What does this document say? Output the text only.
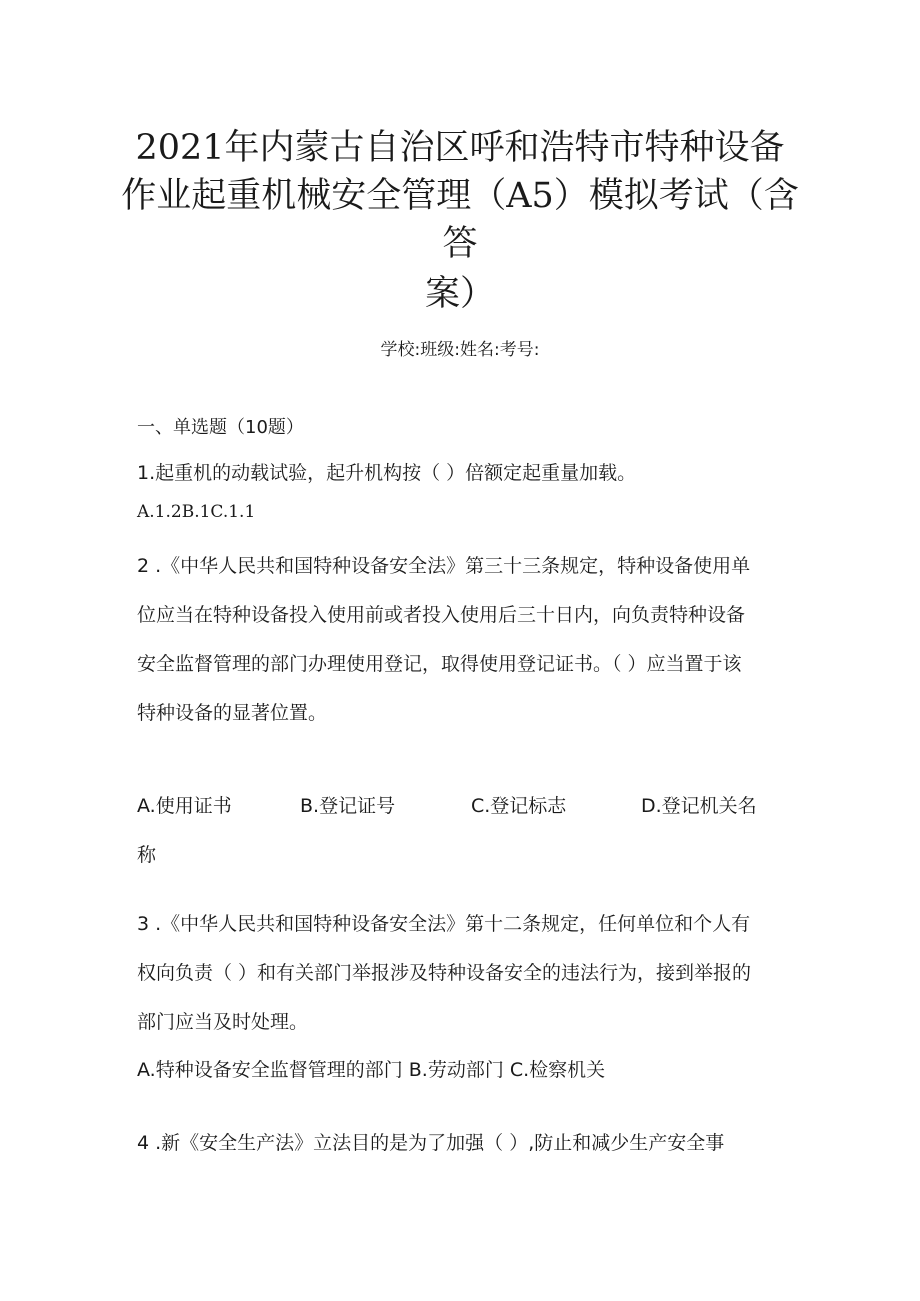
2021年内蒙古自治区呼和浩特市特种设备
作业起重机械安全管理（A5）模拟考试（含
答
案）
学校:班级:姓名:考号:
一、单选题（10题）
1.起重机的动载试验，起升机构按（ ）倍额定起重量加载。
A.1.2B.1C.1.1
2 .《中华人民共和国特种设备安全法》第三十三条规定，特种设备使用单
位应当在特种设备投入使用前或者投入使用后三十日内，向负责特种设备
安全监督管理的部门办理使用登记，取得使用登记证书。（ ）应当置于该
特种设备的显著位置。
A.使用证书	B.登记证号	C.登记标志	D.登记机关名
称
3 .《中华人民共和国特种设备安全法》第十二条规定，任何单位和个人有
权向负责（ ）和有关部门举报涉及特种设备安全的违法行为，接到举报的
部门应当及时处理。
A.特种设备安全监督管理的部门 B.劳动部门 C.检察机关
4 .新《安全生产法》立法目的是为了加强（ ）,防止和减少生产安全事
